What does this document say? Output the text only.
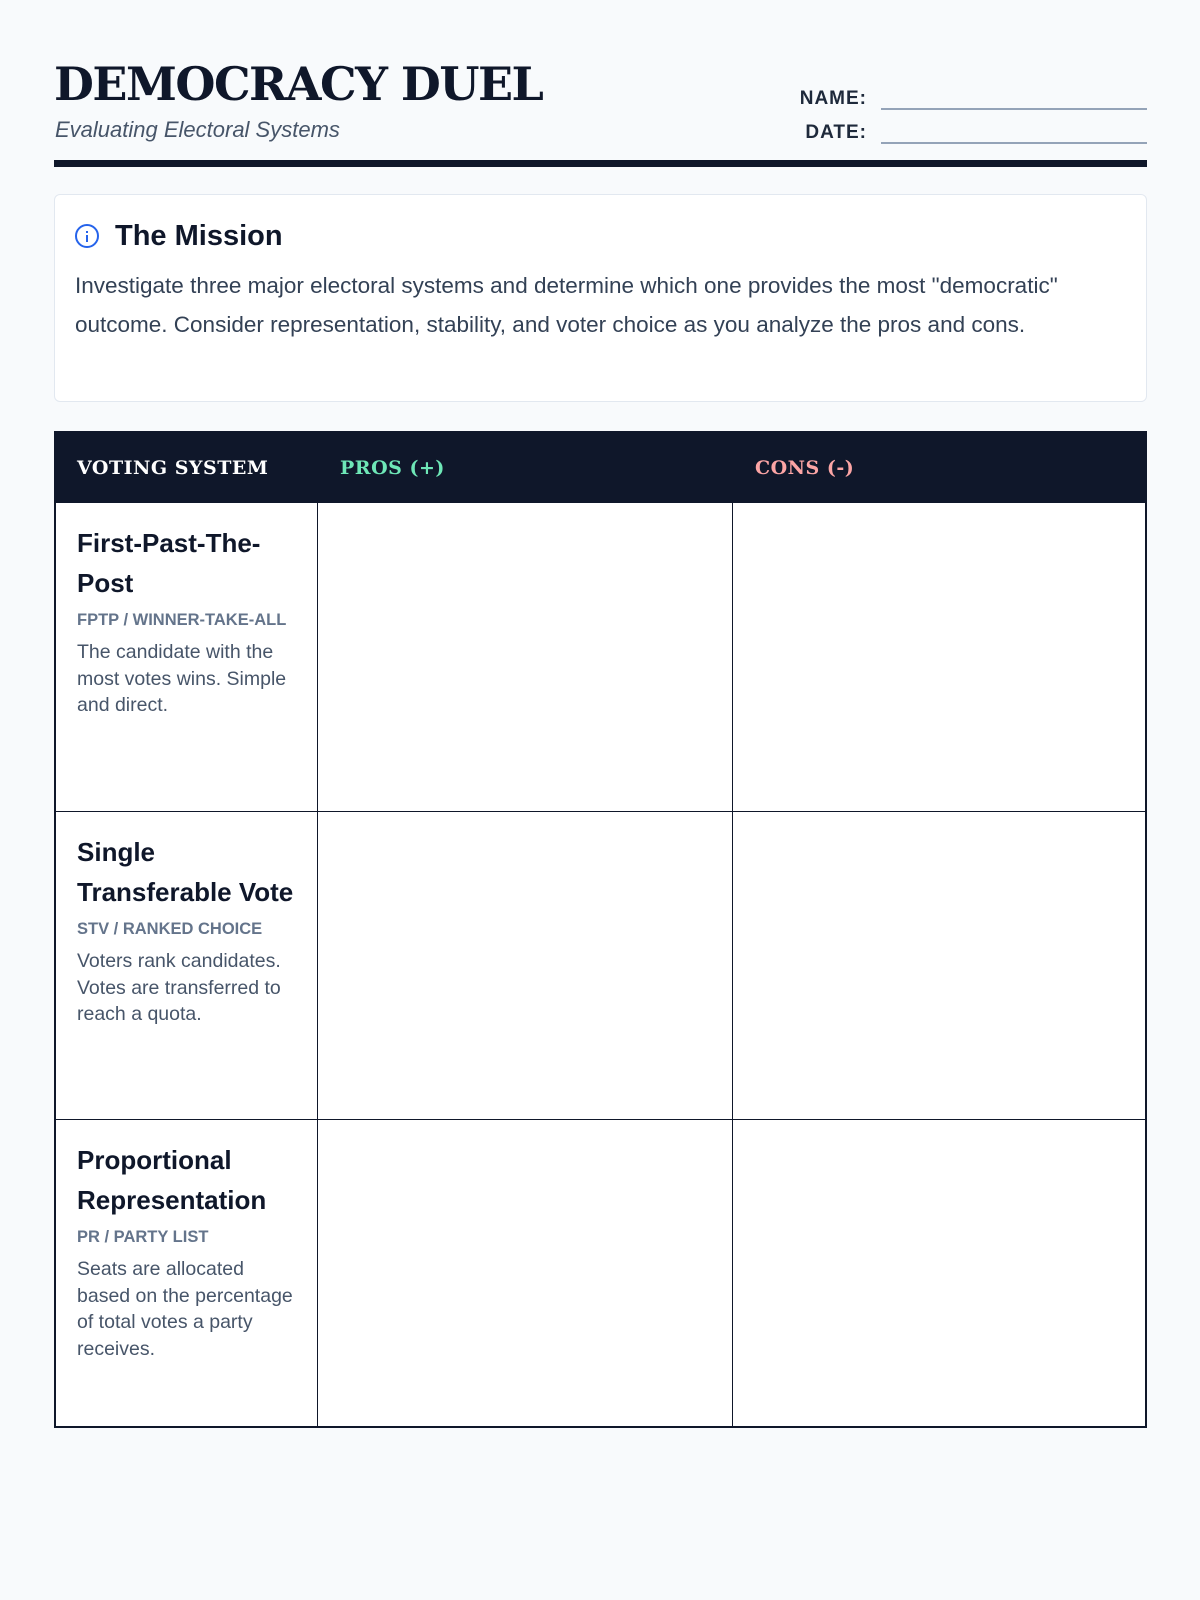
DEMOCRACY DUEL
Evaluating Electoral Systems
NAME:
DATE:
The Mission

Investigate three major electoral systems and determine which one provides the most "democratic" outcome. Consider representation, stability, and voter choice as you analyze the pros and cons.

VOTING SYSTEM	PROS (+)	CONS (-)
First-Past-The-Post
FPTP / WINNER-TAKE-ALL
The candidate with the most votes wins. Simple and direct.
Single Transferable Vote
STV / RANKED CHOICE
Voters rank candidates. Votes are transferred to reach a quota.
Proportional Representation
PR / PARTY LIST
Seats are allocated based on the percentage of total votes a party receives.
